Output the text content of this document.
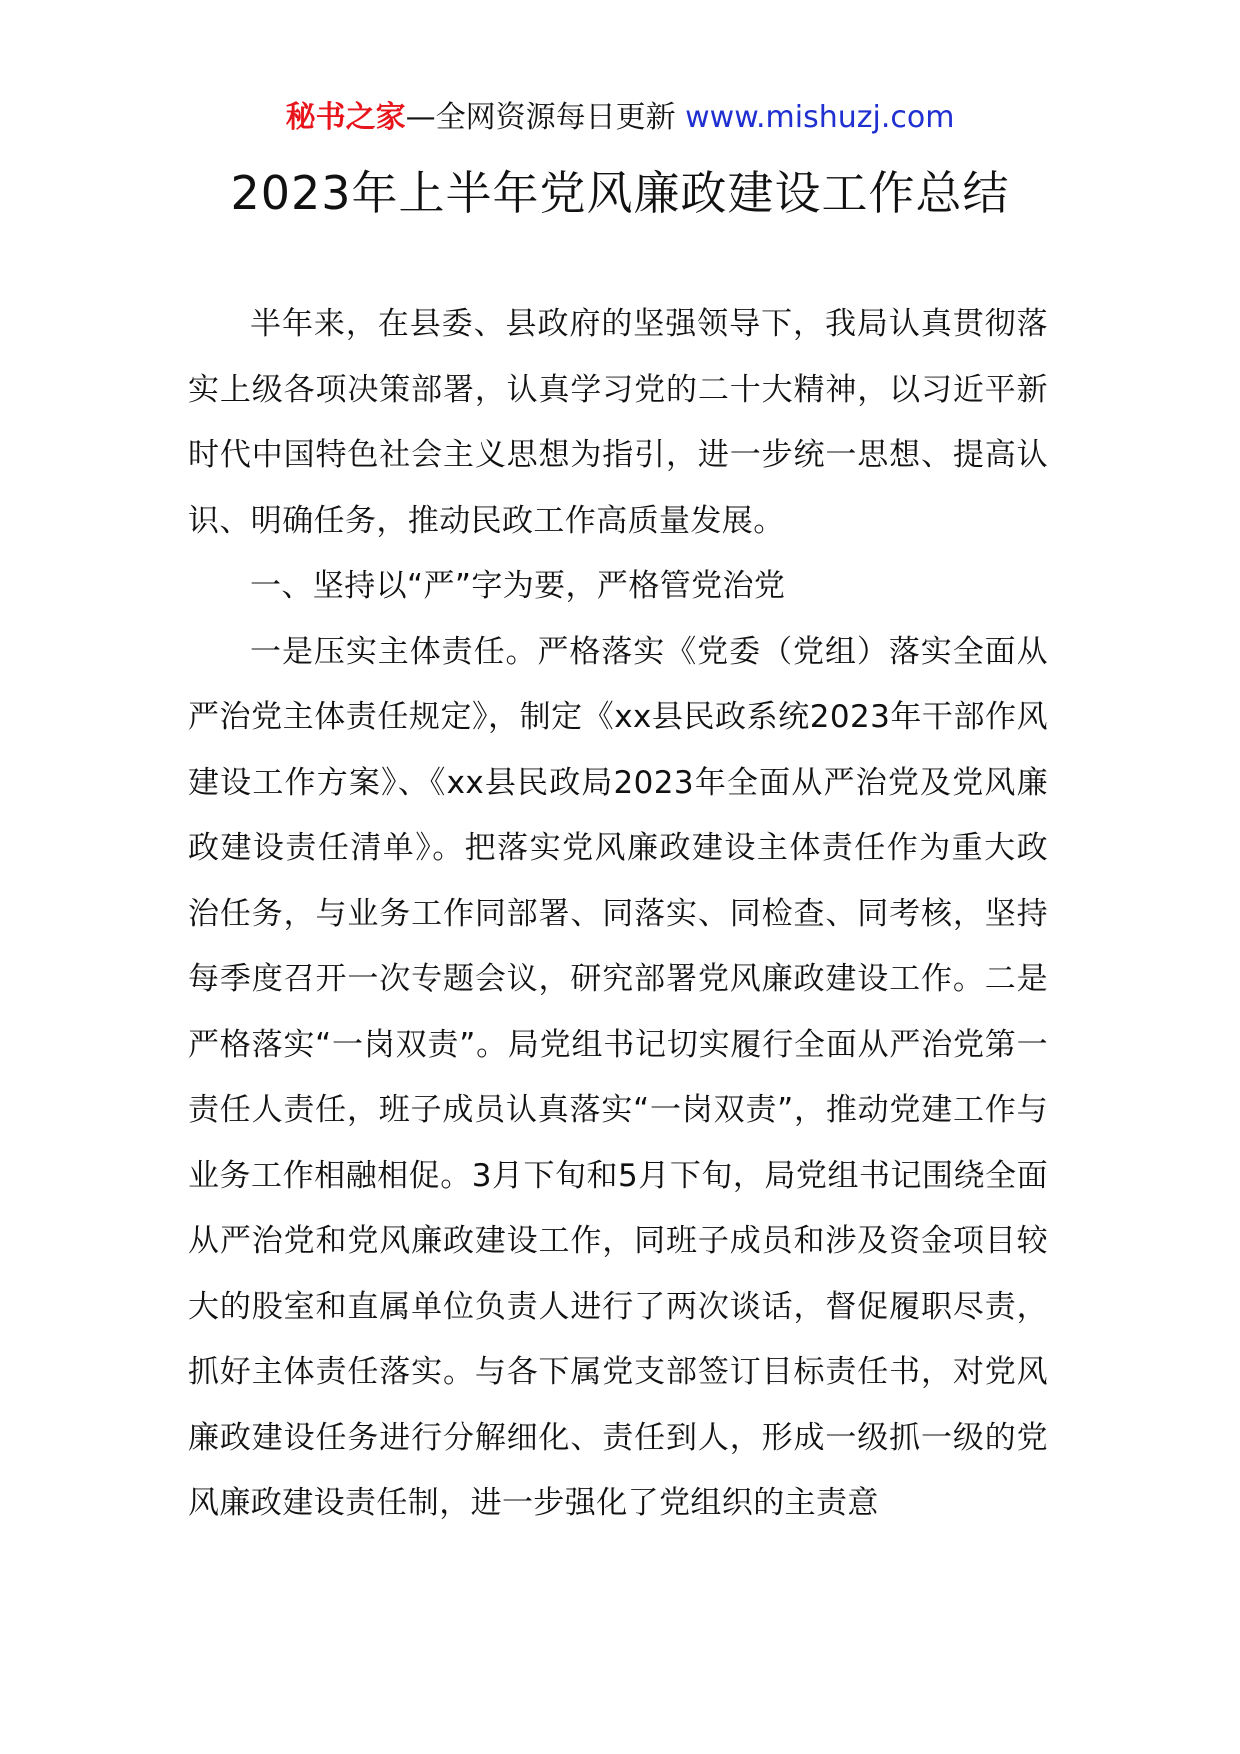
秘书之家—全网资源每日更新 www.mishuzj.com
2023年上半年党风廉政建设工作总结

半年来，在县委、县政府的坚强领导下，我局认真贯彻落实上级各项决策部署，认真学习党的二十大精神，以习近平新时代中国特色社会主义思想为指引，进一步统一思想、提高认识、明确任务，推动民政工作高质量发展。

一、坚持以“严”字为要，严格管党治党

一是压实主体责任。严格落实《党委（党组）落实全面从严治党主体责任规定》，制定《xx县民政系统2023年干部作风建设工作方案》、《xx县民政局2023年全面从严治党及党风廉政建设责任清单》。把落实党风廉政建设主体责任作为重大政治任务，与业务工作同部署、同落实、同检查、同考核，坚持每季度召开一次专题会议，研究部署党风廉政建设工作。二是严格落实“一岗双责”。局党组书记切实履行全面从严治党第一责任人责任，班子成员认真落实“一岗双责”，推动党建工作与业务工作相融相促。3月下旬和5月下旬，局党组书记围绕全面从严治党和党风廉政建设工作，同班子成员和涉及资金项目较大的股室和直属单位负责人进行了两次谈话，督促履职尽责，抓好主体责任落实。与各下属党支部签订目标责任书，对党风廉政建设任务进行分解细化、责任到人，形成一级抓一级的党风廉政建设责任制，进一步强化了党组织的主责意
